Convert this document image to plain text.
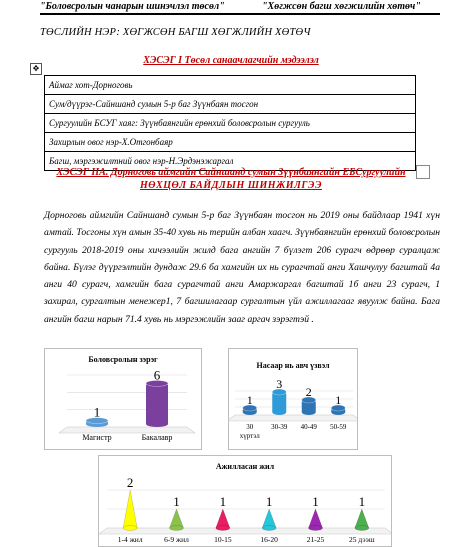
"Боловсролын чанарын шинэчлэл төсөл"	"Хөгжсөн багш хөгжилийн хөтөч"
ТӨСЛИЙН НЭР: ХӨГЖСӨН БАГШ ХӨГЖЛИЙН ХӨТӨЧ
ХЭСЭГ I Төсөл санаачлагчийн мэдээлэл
✥
Аймаг хот-Дорноговь
Сум/дүүрэг-Сайншанд сумын 5-р баг Зүүнбаян тосгон
Сургуулийн БСУГ хаяг: Зүүнбаянгийн ерөнхий боловсролын сургууль
Захирлын овог нэр-Х.Отгонбаяр
Багш, мэргэжилтний овог нэр-Н.Эрдэнэжаргал
ХЭСЭГ IIА. Дорноговь аймгийн Сайншанд сумын Зүүнбаянгийн ЕБСургуулийн
НӨХЦӨЛ БАЙДЛЫН ШИНЖИЛГЭЭ
Дорноговь аймгийн Сайншанд сумын 5-р баг Зүүнбаян тосгон нь 2019 оны байдлаар 1941 хүн амтай. Тосгоны хүн амын 35-40 хувь нь терийн албан хаагч. Зүүнбаянгийн ерөнхий боловсролын сургууль 2018-2019 оны хичээлийн жилд бага ангийн 7 бүлэгт 206 сурагч өдрөөр суралцаж байна. Бүлэг дүүргэлтийн дундаж 29.6 ба хамгийн их нь сурагчтай анги Хашчулуу багштай 4а анги 40 сурагч, хамгийн бага сурагчтай анги Амаржаргал багштай 1б анги 23 сурагч, 1 захирал, сургалтын менежер1, 7 багшилагаар сургалтын үйл ажиллагааг явуулж байна. Бага ангийн багш нарын 71.4 хувь нь мэргэжлийн зааг аргач зэрэгтэй .
Боловсролын зэрэг
1
Магистр
6
Бакалавр
Насаар нь авч үзвэл
1
30
хүртэл
3
30-39
2
40-49
1
50-59
Ажилласан жил
2
1-4 жил
1
6-9 жил
1
10-15
1
16-20
1
21-25
1
25 дээш
